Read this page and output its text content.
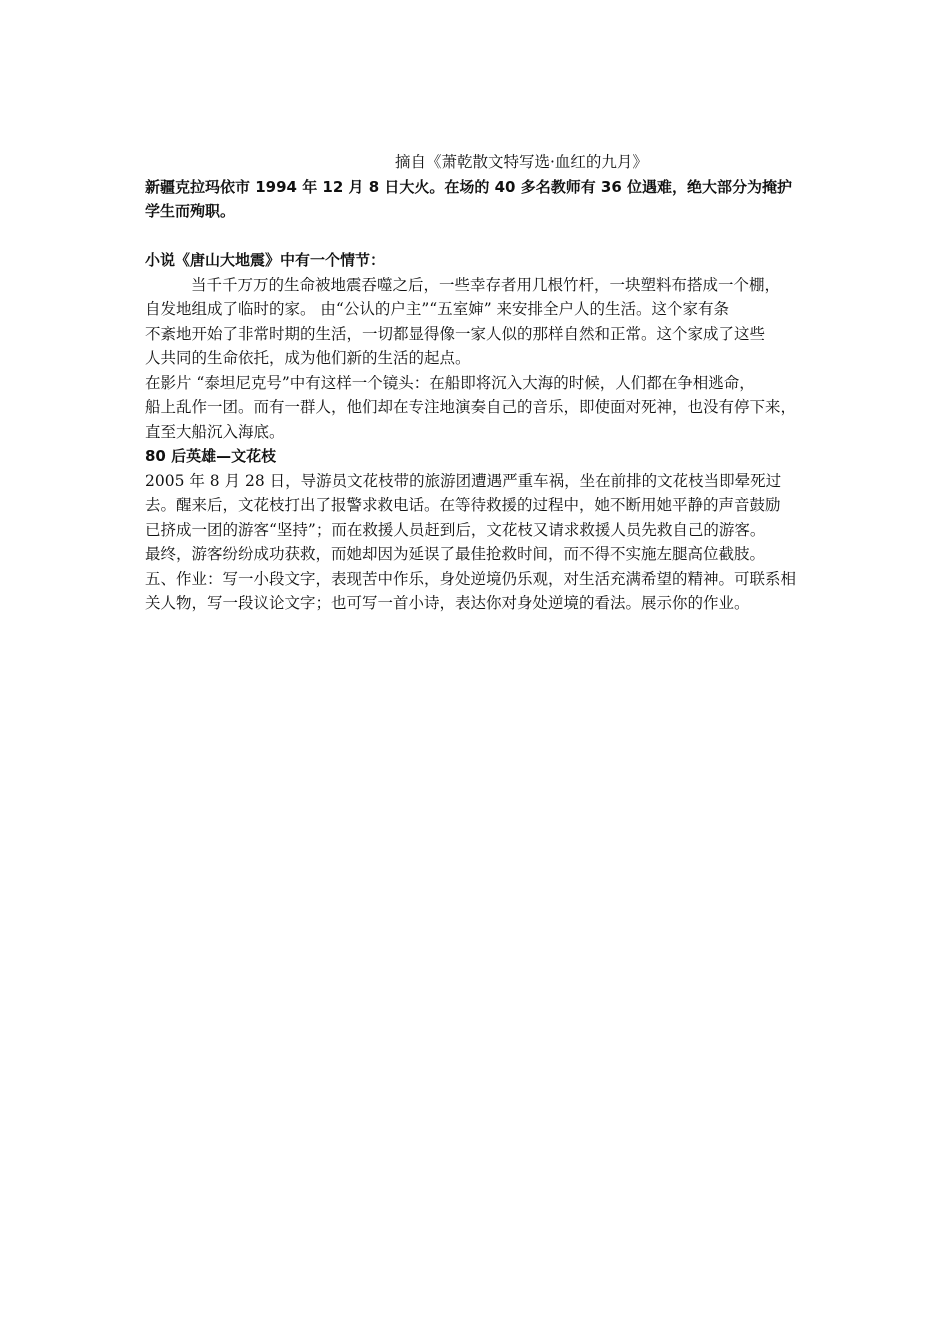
摘自《萧乾散文特写选·血红的九月》
新疆克拉玛依市 1994 年 12 月 8 日大火。在场的 40 多名教师有 36 位遇难，绝大部分为掩护
学生而殉职。
小说《唐山大地震》中有一个情节：
当千千万万的生命被地震吞噬之后，一些幸存者用几根竹杆，一块塑料布搭成一个棚，
自发地组成了临时的家。 由“公认的户主”“五室婶” 来安排全户人的生活。这个家有条
不紊地开始了非常时期的生活，一切都显得像一家人似的那样自然和正常。这个家成了这些
人共同的生命依托，成为他们新的生活的起点。
在影片 “泰坦尼克号”中有这样一个镜头：在船即将沉入大海的时候，人们都在争相逃命，
船上乱作一团。而有一群人，他们却在专注地演奏自己的音乐，即使面对死神，也没有停下来，
直至大船沉入海底。
80 后英雄—文花枝
2005 年 8 月 28 日，导游员文花枝带的旅游团遭遇严重车祸，坐在前排的文花枝当即晕死过
去。醒来后，文花枝打出了报警求救电话。在等待救援的过程中，她不断用她平静的声音鼓励
已挤成一团的游客“坚持”；而在救援人员赶到后，文花枝又请求救援人员先救自己的游客。
最终，游客纷纷成功获救，而她却因为延误了最佳抢救时间，而不得不实施左腿高位截肢。
五、作业：写一小段文字，表现苦中作乐，身处逆境仍乐观，对生活充满希望的精神。可联系相
关人物，写一段议论文字；也可写一首小诗，表达你对身处逆境的看法。展示你的作业。
